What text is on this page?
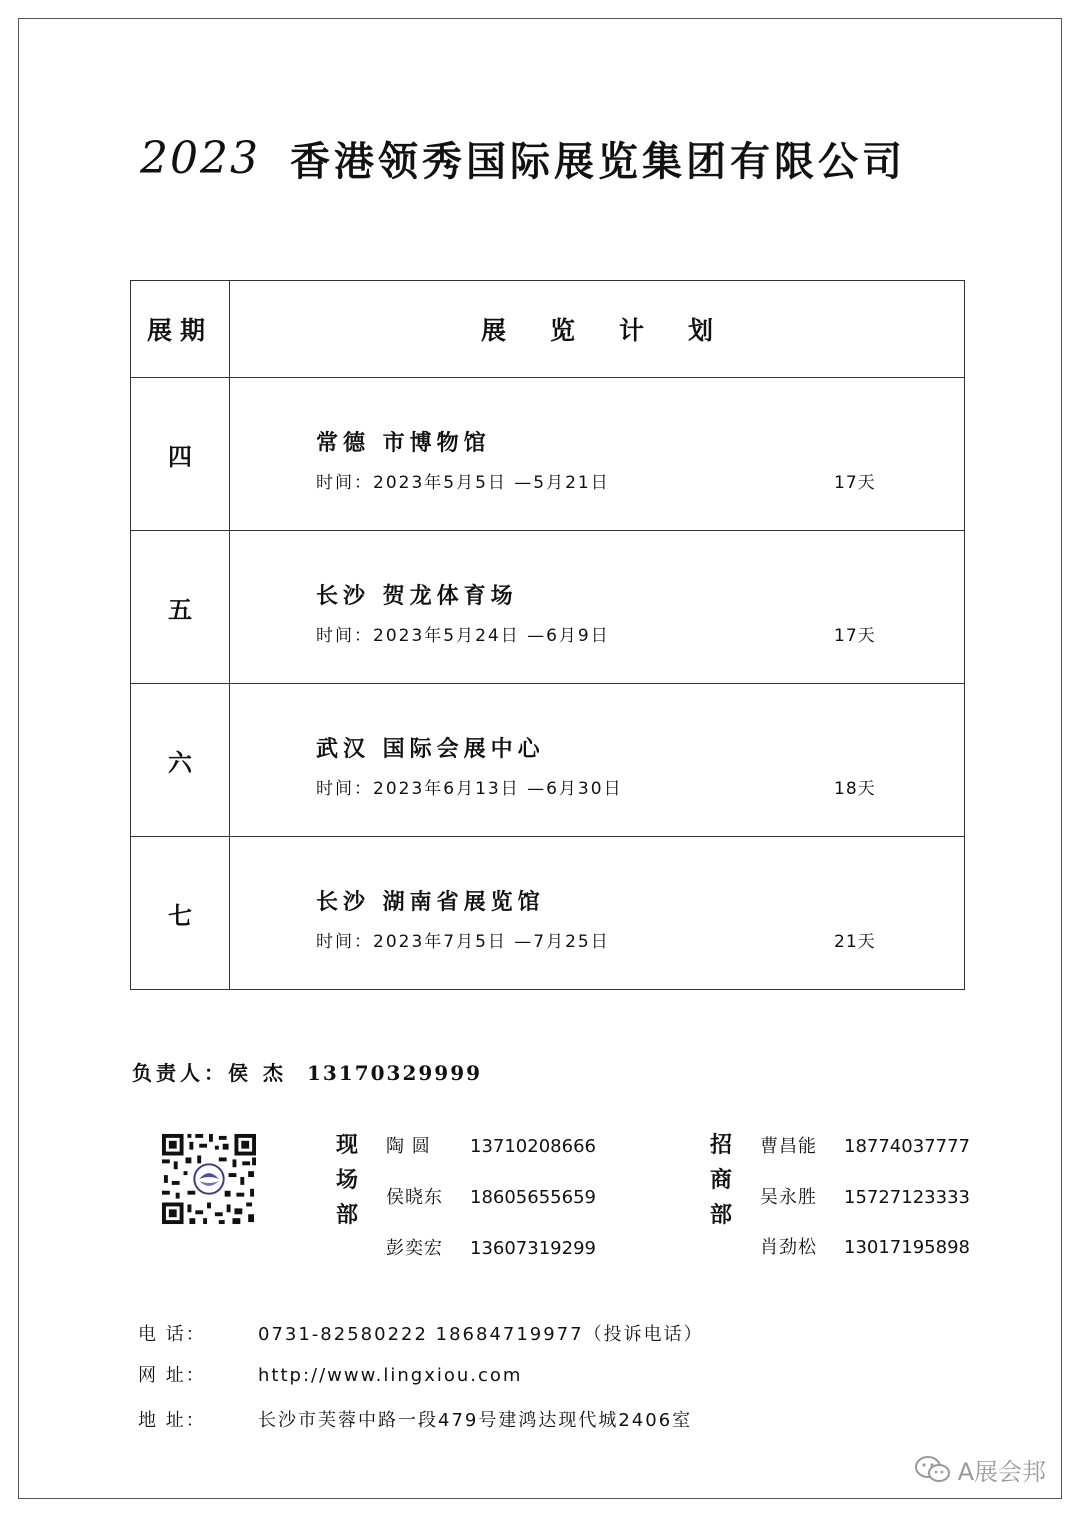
2023 香港领秀国际展览集团有限公司
展期	展览计划
四	常德 市博物馆
时间：2023年5月5日 —5月21日 17天

五	长沙 贺龙体育场
时间：2023年5月24日 —6月9日 17天

六	武汉 国际会展中心
时间：2023年6月13日 —6月30日 18天

七	长沙 湖南省展览馆
时间：2023年7月5日 —7月25日 21天
负责人：侯 杰 13170329999
现
场
部
陶 圆 13710208666
侯晓东 18605655659
彭奕宏 13607319299
招
商
部
曹昌能 18774037777
吴永胜 15727123333
肖劲松 13017195898
电 话：	0731-82580222 18684719977（投诉电话）
网 址：	http://www.lingxiou.com
地 址：	长沙市芙蓉中路一段479号建鸿达现代城2406室
A展会邦
